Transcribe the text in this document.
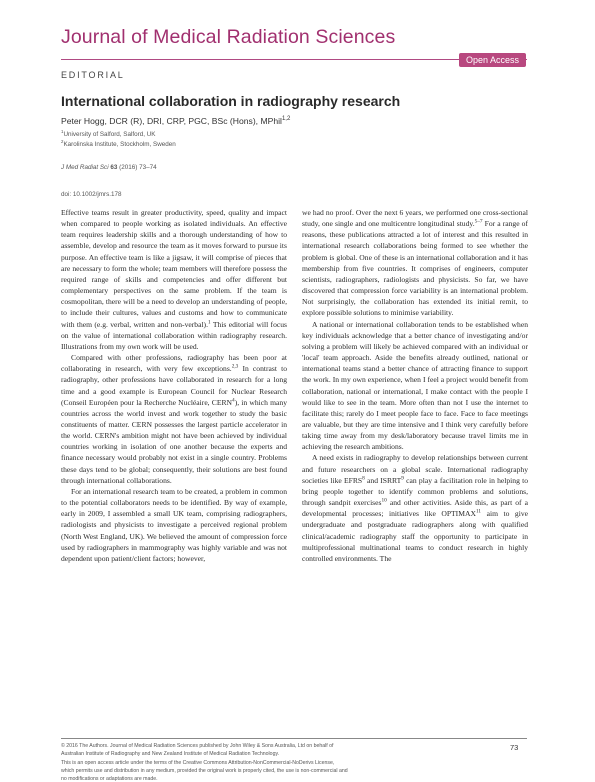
Journal of Medical Radiation Sciences
Open Access
EDITORIAL
International collaboration in radiography research
Peter Hogg, DCR (R), DRI, CRP, PGC, BSc (Hons), MPhil$^{1,2}$
$^1$University of Salford, Salford, UK
$^2$Karolinska Institute, Stockholm, Sweden
J Med Radiat Sci 63 (2016) 73–74
doi: 10.1002/jmrs.178

Effective teams result in greater productivity, speed, quality and impact when compared to people working as isolated individuals. An effective team requires leadership skills and a thorough understanding of how to assemble, develop and resource the team as it moves forward to pursue its purpose. An effective team is like a jigsaw, it will comprise of pieces that are necessary to form the whole; team members will therefore possess the required range of skills and competencies and offer different but complementary perspectives on the same problem. If the team is cosmopolitan, there will be a need to develop an understanding of people, to include their cultures, values and customs and how to communicate with them (e.g. verbal, written and non-verbal).$^1$ This editorial will focus on the value of international collaboration within radiography research. Illustrations from my own work will be used.

Compared with other professions, radiography has been poor at collaborating in research, with very few exceptions.$^{2,3}$ In contrast to radiography, other professions have collaborated in research for a long time and a good example is European Council for Nuclear Research (Conseil Européen pour la Recherche Nucléaire, CERN$^4$), in which many countries across the world invest and work together to study the basic constituents of matter. CERN possesses the largest particle accelerator in the world. CERN's ambition might not have been achieved by individual countries working in isolation of one another because the experts and finance necessary would probably not exist in a single country. Problems these days tend to be global; consequently, their solutions are best found through international collaborations.

For an international research team to be created, a problem in common to the potential collaborators needs to be identified. By way of example, early in 2009, I assembled a small UK team, comprising radiographers, radiologists and physicists to investigate a perceived regional problem (North West England, UK). We believed the amount of compression force used by radiographers in mammography was highly variable and was not dependent upon patient/client factors; however,

we had no proof. Over the next 6 years, we performed one cross-sectional study, one single and one multicentre longitudinal study.$^{5-7}$ For a range of reasons, these publications attracted a lot of interest and this resulted in international research collaborations being formed to see whether the problem is global. One of these is an international collaboration and it has membership from five countries. It comprises of engineers, computer scientists, radiographers, radiologists and physicists. So far, we have discovered that compression force variability is an international problem. Not surprisingly, the collaboration has extended its initial remit, to explore possible solutions to minimise variability.

A national or international collaboration tends to be established when key individuals acknowledge that a better chance of investigating and/or solving a problem will likely be achieved compared with an individual or 'local' team approach. Aside the benefits already outlined, national or international teams stand a better chance of attracting finance to support the work. In my own experience, when I feel a project would benefit from collaboration, national or international, I make contact with the people I would like to see in the team. More often than not I use the internet to facilitate this; rarely do I meet people face to face. Face to face meetings are valuable, but they are time intensive and I think very carefully before taking time away from my desk/laboratory because travel limits me in achieving the research ambitions.

A need exists in radiography to develop relationships between current and future researchers on a global scale. International radiography societies like EFRS$^8$ and ISRRT$^9$ can play a facilitation role in helping to bring people together to identify common problems and solutions, through sandpit exercises$^{10}$ and other activities. Aside this, as part of a developmental processes; initiatives like OPTIMAX$^{11}$ aim to give undergraduate and postgraduate radiographers along with qualified clinical/academic radiography staff the opportunity to participate in multiprofessional multinational teams to conduct research in highly controlled environments. The

© 2016 The Authors. Journal of Medical Radiation Sciences published by John Wiley & Sons Australia, Ltd on behalf of
Australian Institute of Radiography and New Zealand Institute of Medical Radiation Technology.
This is an open access article under the terms of the Creative Commons Attribution-NonCommercial-NoDerivs License,
which permits use and distribution in any medium, provided the original work is properly cited, the use is non-commercial and
no modifications or adaptations are made.
73
